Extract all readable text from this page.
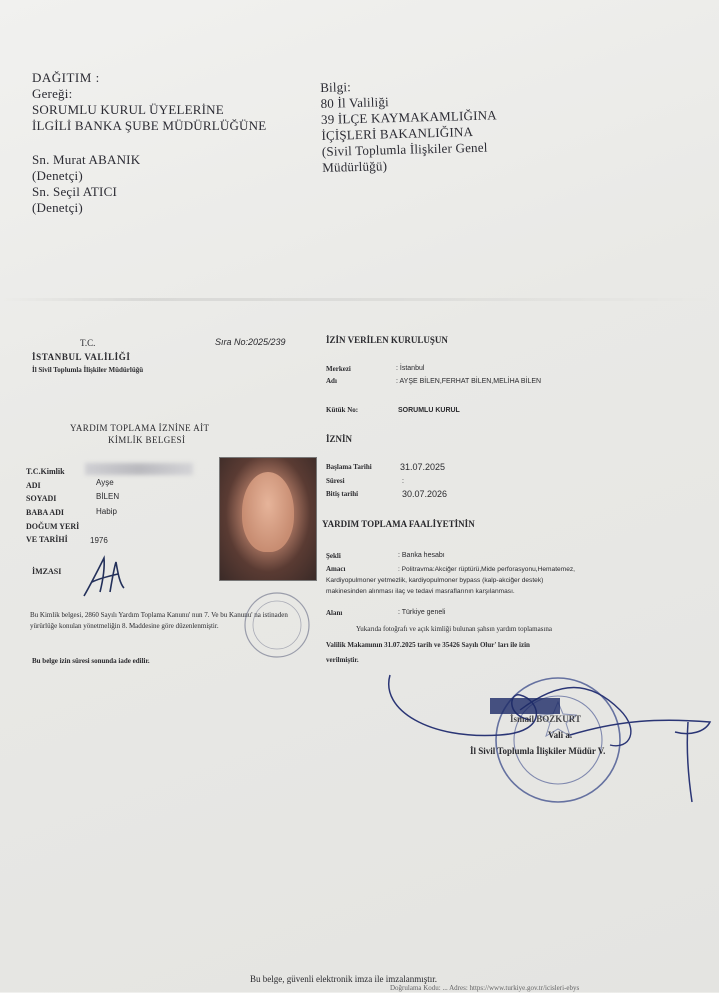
DAĞITIM :
Gereği:
SORUMLU KURUL ÜYELERİNE
İLGİLİ BANKA ŞUBE MÜDÜRLÜĞÜNE
Sn. Murat ABANIK
(Denetçi)
Sn. Seçil ATICI
(Denetçi)
Bilgi:
80 İl Valiliği
39 İLÇE KAYMAKAMLIĞINA
İÇİŞLERİ BAKANLIĞINA
(Sivil Toplumla İlişkiler Genel
Müdürlüğü)
T.C.
İSTANBUL VALİLİĞİ
İl Sivil Toplumla İlişkiler Müdürlüğü
Sıra No:2025/239
YARDIM TOPLAMA İZNİNE AİT
KİMLİK BELGESİ
T.C.Kimlik
ADI	Ayşe
SOYADI	BİLEN
BABA ADI	Habip
DOĞUM YERİ
VE TARİHİ	1976
İMZASI
Bu Kimlik belgesi, 2860 Sayılı Yardım Toplama Kanunu' nun 7. Ve bu Kanunu' na istinaden yürürlüğe konulan yönetmeliğin 8. Maddesine göre düzenlenmiştir.
Bu belge izin süresi sonunda iade edilir.
İZİN VERİLEN KURULUŞUN
Merkezi	: İstanbul
Adı	: AYŞE BİLEN,FERHAT BİLEN,MELİHA BİLEN
Kütük No:	SORUMLU KURUL
İZNİN
Başlama Tarihi	31.07.2025
Süresi	:
Bitiş tarihi	30.07.2026
YARDIM TOPLAMA FAALİYETİNİN
Şekli	: Banka hesabı
Amacı	: Politravma:Akciğer rüptürü,Mide perforasyonu,Hematemez,
Kardiyopulmoner yetmezlik, kardiyopulmoner bypass (kalp-akciğer destek)
makinesinden alınması ilaç ve tedavi masraflarının karşılanması.
Alanı	: Türkiye geneli
Yukarıda fotoğrafı ve açık kimliği bulunan şahsın yardım toplamasına
Valilik Makamının 31.07.2025 tarih ve 35426 Sayılı Olur' ları ile izin
verilmiştir.
İsmail BOZKURT
Vali a.
İl Sivil Toplumla İlişkiler Müdür V.
Bu belge, güvenli elektronik imza ile imzalanmıştır.
Doğrulama Kodu: ... Adres: https://www.turkiye.gov.tr/icisleri-ebys
